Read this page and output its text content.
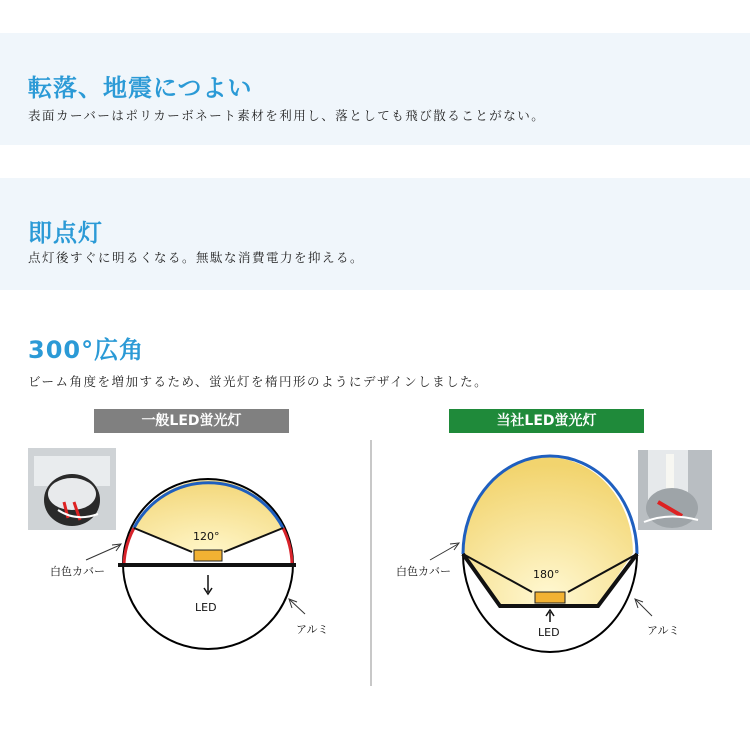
転落、地震につよい

表面カーバーはポリカーボネート素材を利用し、落としても飛び散ることがない。

即点灯

点灯後すぐに明るくなる。無駄な消費電力を抑える。

300°広角

ビーム角度を増加するため、蛍光灯を楕円形のようにデザインしました。

一般LED蛍光灯	当社LED蛍光灯
120°
180°
白色カバー	白色カバー
LED
LED
アルミ	アルミ
